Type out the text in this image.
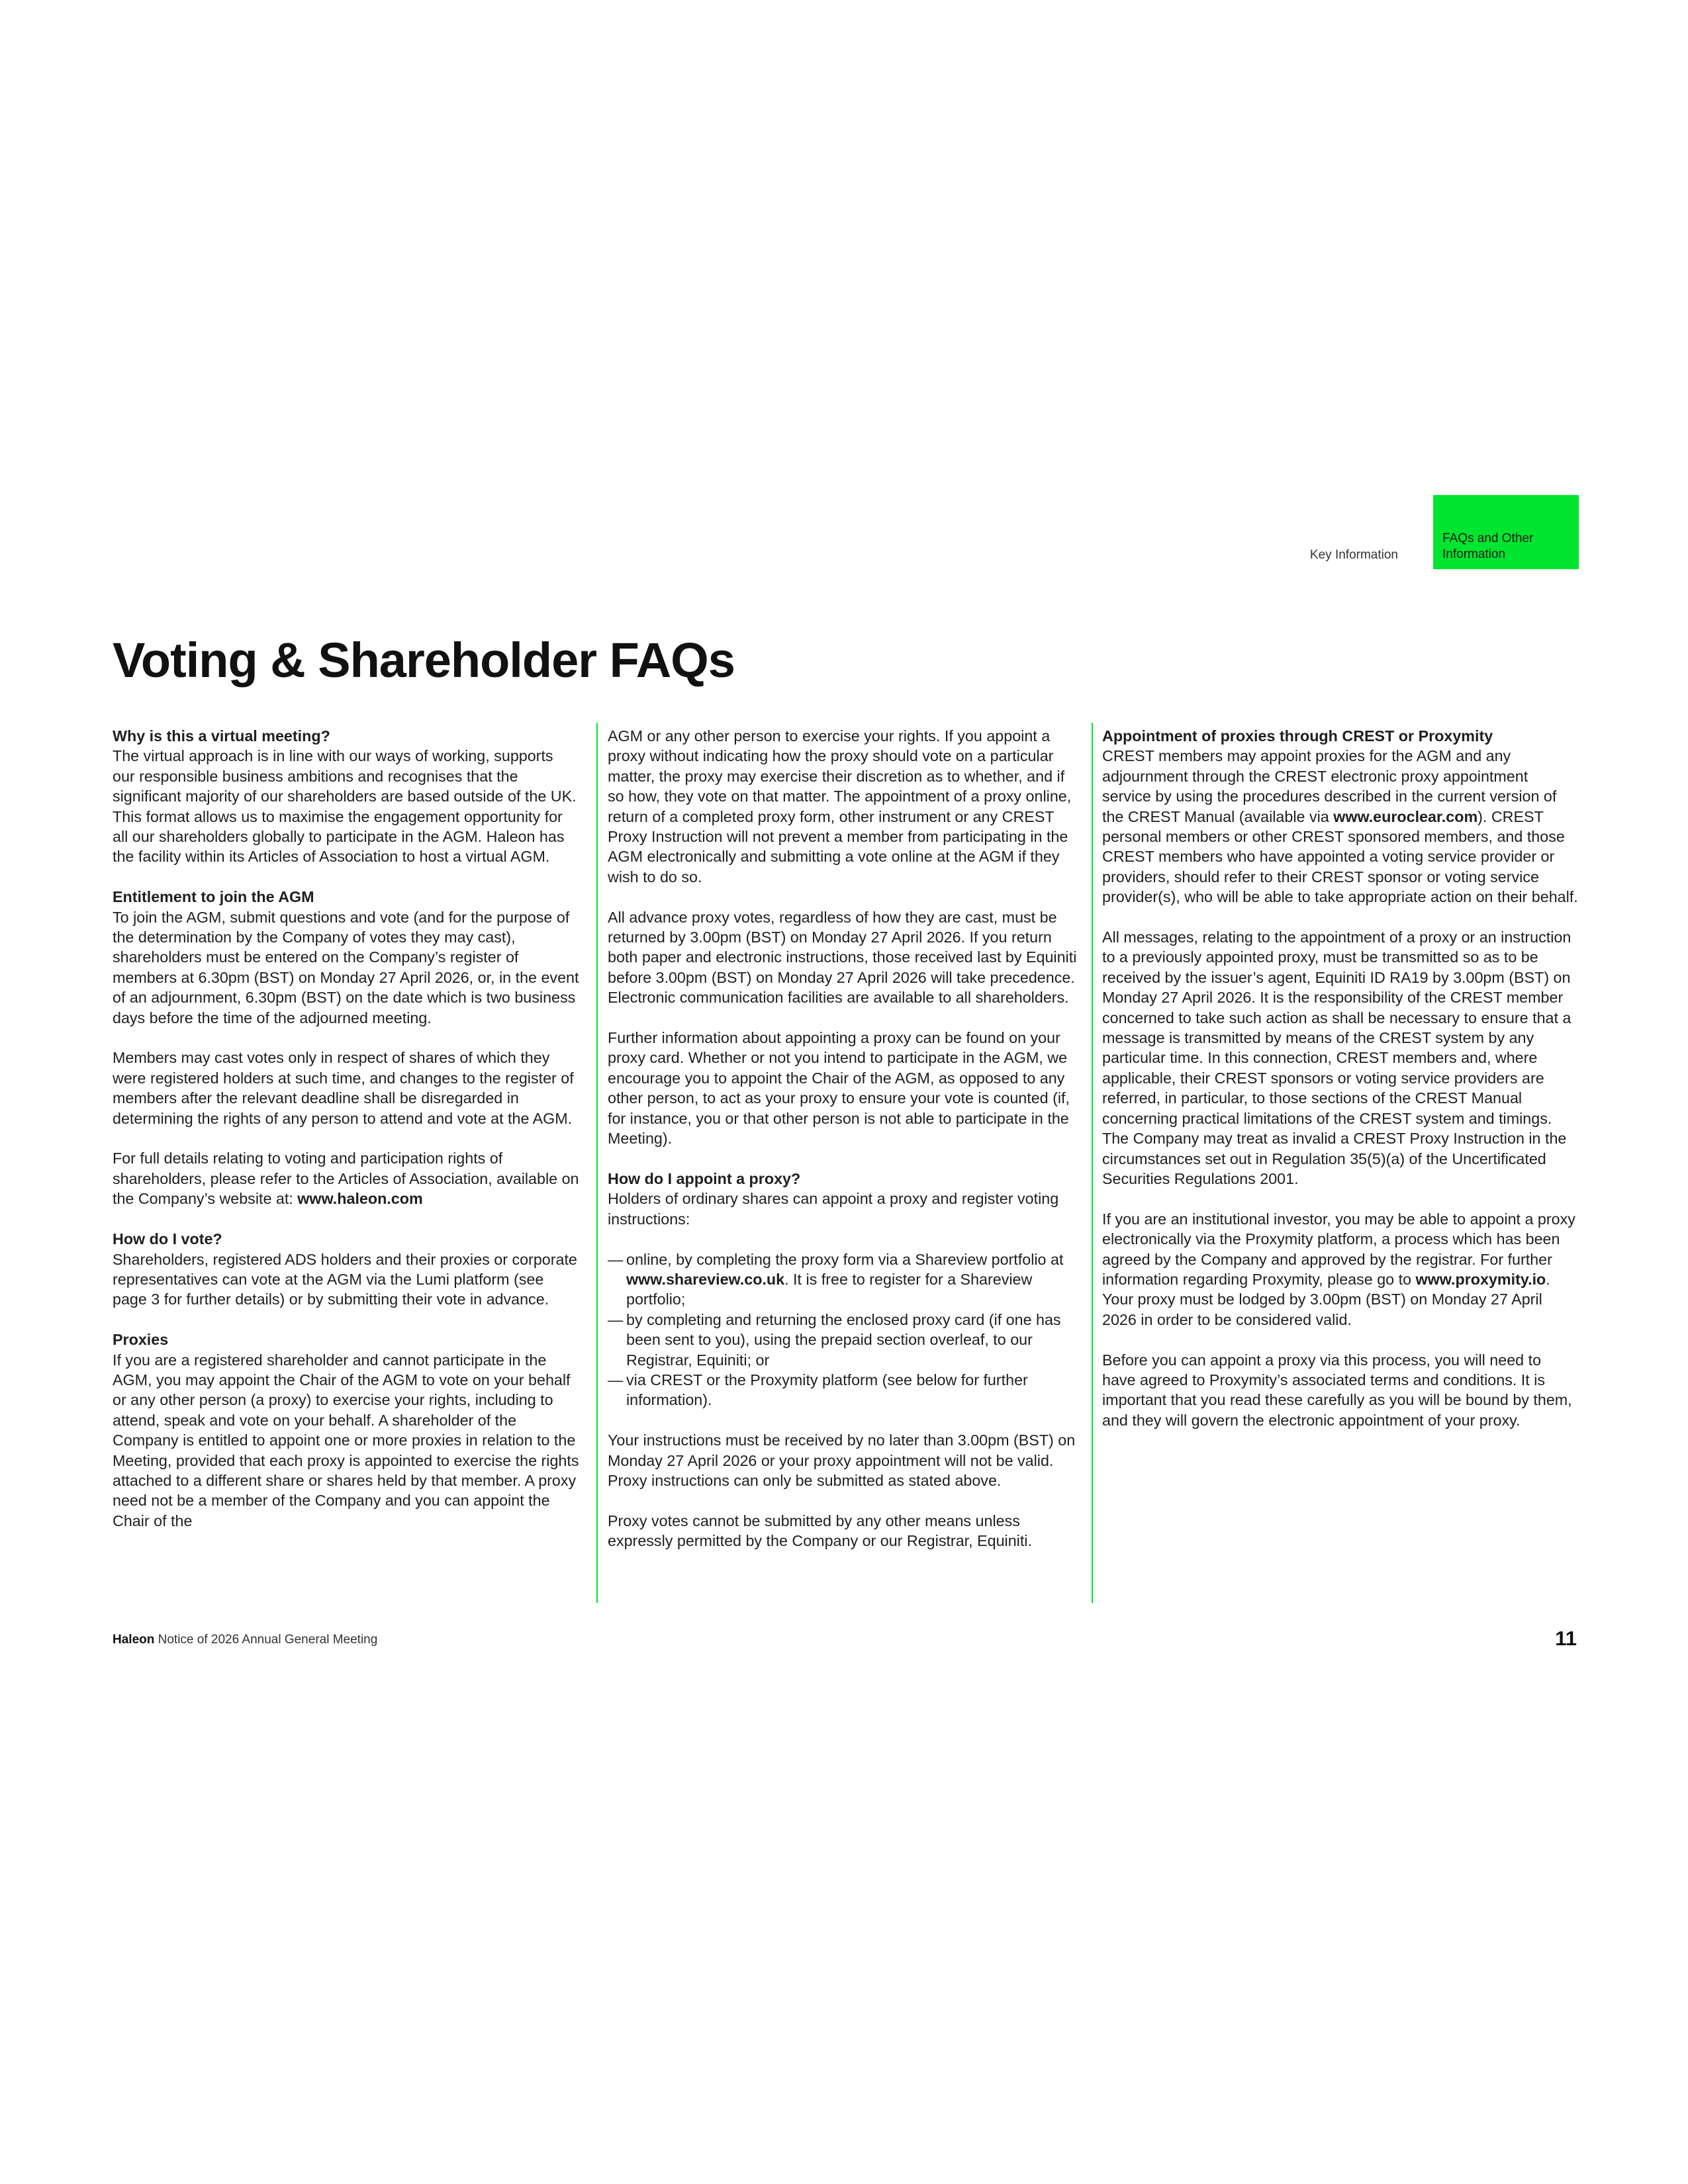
Key Information
FAQs and Other Information
Voting & Shareholder FAQs
Why is this a virtual meeting?

The virtual approach is in line with our ways of working, supports our responsible business ambitions and recognises that the significant majority of our shareholders are based outside of the UK. This format allows us to maximise the engagement opportunity for all our shareholders globally to participate in the AGM. Haleon has the facility within its Articles of Association to host a virtual AGM.

Entitlement to join the AGM

To join the AGM, submit questions and vote (and for the purpose of the determination by the Company of votes they may cast), shareholders must be entered on the Company’s register of members at 6.30pm (BST) on Monday 27 April 2026, or, in the event of an adjournment, 6.30pm (BST) on the date which is two business days before the time of the adjourned meeting.

Members may cast votes only in respect of shares of which they were registered holders at such time, and changes to the register of members after the relevant deadline shall be disregarded in determining the rights of any person to attend and vote at the AGM.

For full details relating to voting and participation rights of shareholders, please refer to the Articles of Association, available on the Company’s website at: www.haleon.com

How do I vote?

Shareholders, registered ADS holders and their proxies or corporate representatives can vote at the AGM via the Lumi platform (see page 3 for further details) or by submitting their vote in advance.

Proxies

If you are a registered shareholder and cannot participate in the AGM, you may appoint the Chair of the AGM to vote on your behalf or any other person (a proxy) to exercise your rights, including to attend, speak and vote on your behalf. A shareholder of the Company is entitled to appoint one or more proxies in relation to the Meeting, provided that each proxy is appointed to exercise the rights attached to a different share or shares held by that member. A proxy need not be a member of the Company and you can appoint the Chair of the

AGM or any other person to exercise your rights. If you appoint a proxy without indicating how the proxy should vote on a particular matter, the proxy may exercise their discretion as to whether, and if so how, they vote on that matter. The appointment of a proxy online, return of a completed proxy form, other instrument or any CREST Proxy Instruction will not prevent a member from participating in the AGM electronically and submitting a vote online at the AGM if they wish to do so.

All advance proxy votes, regardless of how they are cast, must be returned by 3.00pm (BST) on Monday 27 April 2026. If you return both paper and electronic instructions, those received last by Equiniti before 3.00pm (BST) on Monday 27 April 2026 will take precedence. Electronic communication facilities are available to all shareholders.

Further information about appointing a proxy can be found on your proxy card. Whether or not you intend to participate in the AGM, we encourage you to appoint the Chair of the AGM, as opposed to any other person, to act as your proxy to ensure your vote is counted (if, for instance, you or that other person is not able to participate in the Meeting).

How do I appoint a proxy?

Holders of ordinary shares can appoint a proxy and register voting instructions:

— online, by completing the proxy form via a Shareview portfolio at www.shareview.co.uk. It is free to register for a Shareview portfolio;
— by completing and returning the enclosed proxy card (if one has been sent to you), using the prepaid section overleaf, to our Registrar, Equiniti; or
— via CREST or the Proxymity platform (see below for further information).

Your instructions must be received by no later than 3.00pm (BST) on Monday 27 April 2026 or your proxy appointment will not be valid. Proxy instructions can only be submitted as stated above.

Proxy votes cannot be submitted by any other means unless expressly permitted by the Company or our Registrar, Equiniti.

Appointment of proxies through CREST or Proxymity

CREST members may appoint proxies for the AGM and any adjournment through the CREST electronic proxy appointment service by using the procedures described in the current version of the CREST Manual (available via www.euroclear.com). CREST personal members or other CREST sponsored members, and those CREST members who have appointed a voting service provider or providers, should refer to their CREST sponsor or voting service provider(s), who will be able to take appropriate action on their behalf.

All messages, relating to the appointment of a proxy or an instruction to a previously appointed proxy, must be transmitted so as to be received by the issuer’s agent, Equiniti ID RA19 by 3.00pm (BST) on Monday 27 April 2026. It is the responsibility of the CREST member concerned to take such action as shall be necessary to ensure that a message is transmitted by means of the CREST system by any particular time. In this connection, CREST members and, where applicable, their CREST sponsors or voting service providers are referred, in particular, to those sections of the CREST Manual concerning practical limitations of the CREST system and timings. The Company may treat as invalid a CREST Proxy Instruction in the circumstances set out in Regulation 35(5)(a) of the Uncertificated Securities Regulations 2001.

If you are an institutional investor, you may be able to appoint a proxy electronically via the Proxymity platform, a process which has been agreed by the Company and approved by the registrar. For further information regarding Proxymity, please go to www.proxymity.io. Your proxy must be lodged by 3.00pm (BST) on Monday 27 April 2026 in order to be considered valid.

Before you can appoint a proxy via this process, you will need to have agreed to Proxymity’s associated terms and conditions. It is important that you read these carefully as you will be bound by them, and they will govern the electronic appointment of your proxy.

Haleon Notice of 2026 Annual General Meeting	11
